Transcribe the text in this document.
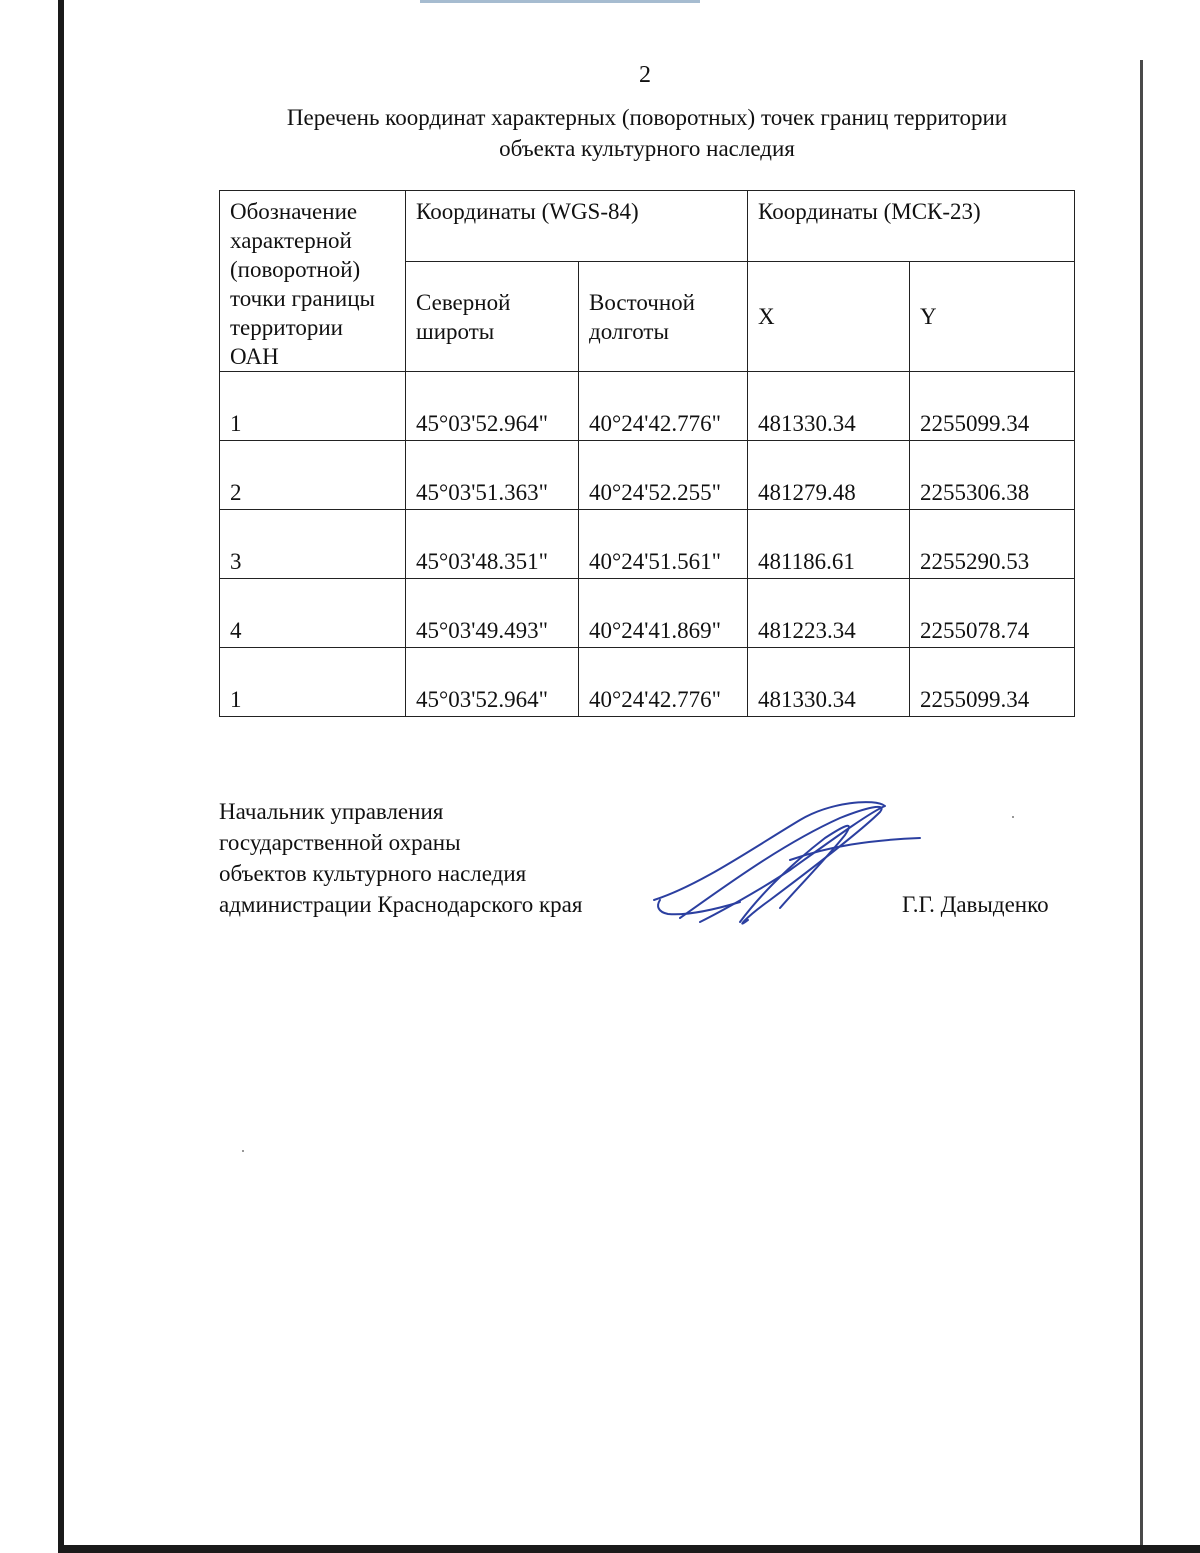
2
Перечень координат характерных (поворотных) точек границ территории
объекта культурного наследия
Обозначение характерной (поворотной) точки границы территории ОАН	Координаты (WGS-84)		Координаты (МСК-23)	
	Северной широты	Восточной долготы	X	Y
1	45°03'52.964"	40°24'42.776"	481330.34	2255099.34
2	45°03'51.363"	40°24'52.255"	481279.48	2255306.38
3	45°03'48.351"	40°24'51.561"	481186.61	2255290.53
4	45°03'49.493"	40°24'41.869"	481223.34	2255078.74
1	45°03'52.964"	40°24'42.776"	481330.34	2255099.34
Начальник управления
государственной охраны
объектов культурного наследия
администрации Краснодарского края	Г.Г. Давыденко
